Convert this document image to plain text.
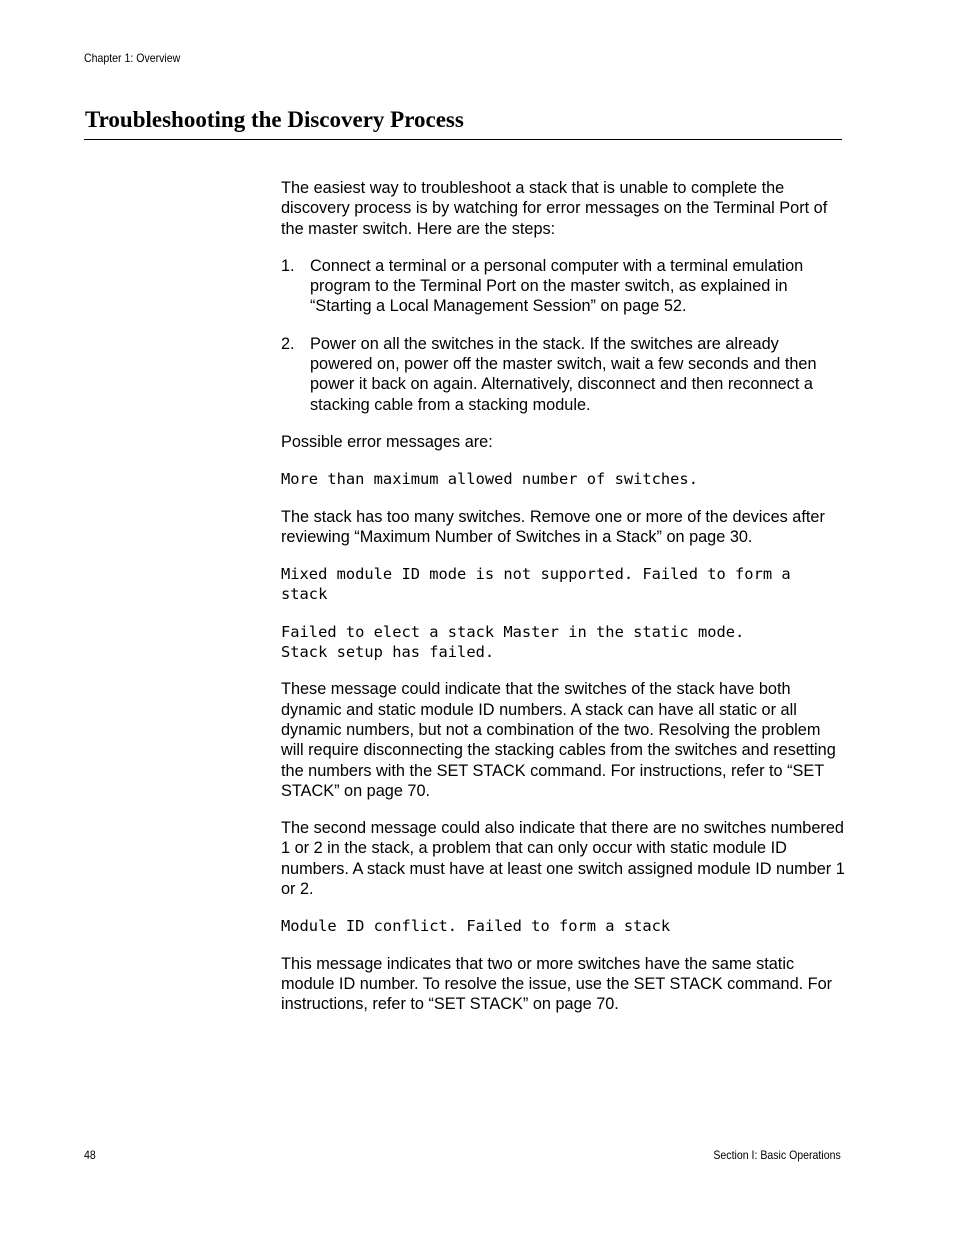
Chapter 1: Overview
Troubleshooting the Discovery Process

The easiest way to troubleshoot a stack that is unable to complete the discovery process is by watching for error messages on the Terminal Port of the master switch. Here are the steps:

1. Connect a terminal or a personal computer with a terminal emulation program to the Terminal Port on the master switch, as explained in “Starting a Local Management Session” on page 52.
2. Power on all the switches in the stack. If the switches are already powered on, power off the master switch, wait a few seconds and then power it back on again. Alternatively, disconnect and then reconnect a stacking cable from a stacking module.

Possible error messages are:

More than maximum allowed number of switches.

The stack has too many switches. Remove one or more of the devices after reviewing “Maximum Number of Switches in a Stack” on page 30.

Mixed module ID mode is not supported. Failed to form a
stack
Failed to elect a stack Master in the static mode.
Stack setup has failed.

These message could indicate that the switches of the stack have both dynamic and static module ID numbers. A stack can have all static or all dynamic numbers, but not a combination of the two. Resolving the problem will require disconnecting the stacking cables from the switches and resetting the numbers with the SET STACK command. For instructions, refer to “SET STACK” on page 70.

The second message could also indicate that there are no switches numbered 1 or 2 in the stack, a problem that can only occur with static module ID numbers. A stack must have at least one switch assigned module ID number 1 or 2.

Module ID conflict. Failed to form a stack

This message indicates that two or more switches have the same static module ID number. To resolve the issue, use the SET STACK command. For instructions, refer to “SET STACK” on page 70.

48	Section I: Basic Operations
